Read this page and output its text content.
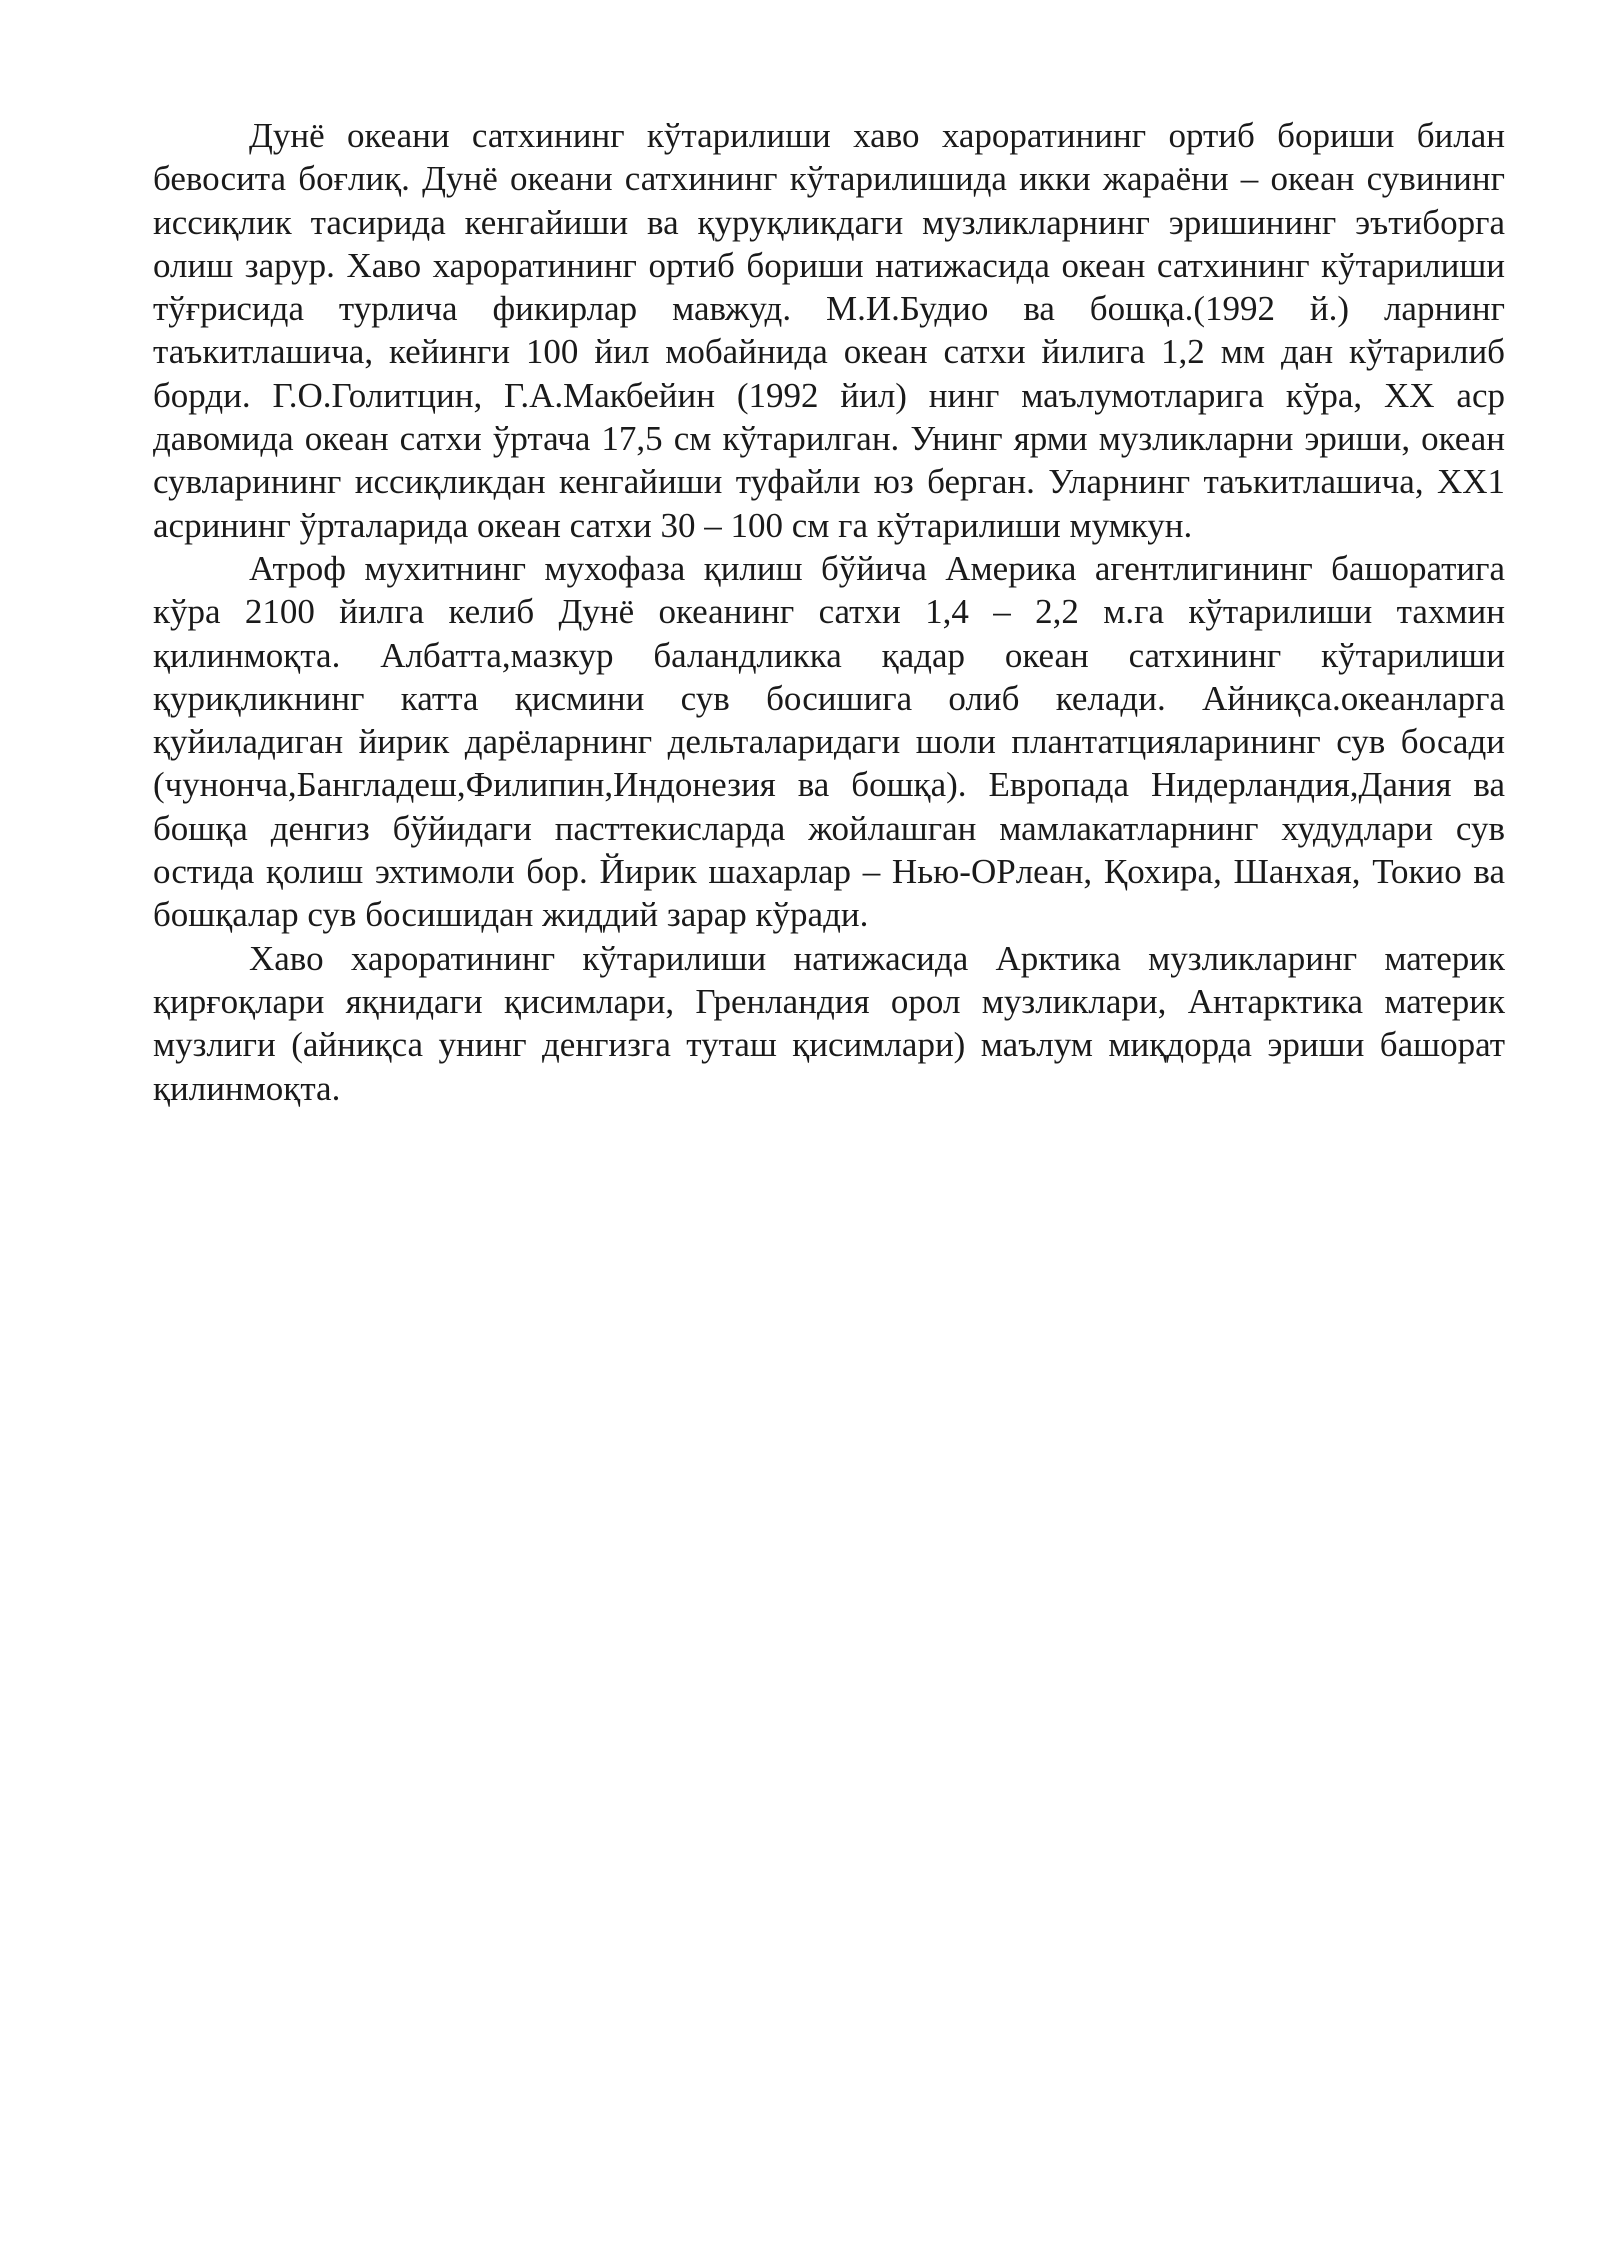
Дунё океани сатхининг кўтарилиши хаво хароратининг ортиб бориши билан бевосита боғлиқ. Дунё океани сатхининг кўтарилишида икки жараёни – океан сувининг иссиқлик тасирида кенгайиши ва қуруқликдаги музликларнинг эришининг эътиборга олиш зарур. Хаво хароратининг ортиб бориши натижасида океан сатхининг кўтарилиши тўғрисида турлича фикирлар мавжуд. М.И.Будио ва бошқа.(1992 й.) ларнинг таъкитлашича, кейинги 100 йил мобайнида океан сатхи йилига 1,2 мм дан кўтарилиб борди. Г.О.Голитцин, Г.А.Макбейин (1992 йил) нинг маълумотларига кўра, XX аср давомида океан сатхи ўртача 17,5 см кўтарилган. Унинг ярми музликларни эриши, океан сувларининг иссиқликдан кенгайиши туфайли юз берган. Уларнинг таъкитлашича, XX1 асрининг ўрталарида океан сатхи 30 – 100 см га кўтарилиши мумкун.

Атроф мухитнинг мухофаза қилиш бўйича Америка агентлигининг башоратига кўра 2100 йилга келиб Дунё океанинг сатхи 1,4 – 2,2 м.га кўтарилиши тахмин қилинмоқта. Албатта,мазкур баландликка қадар океан сатхининг кўтарилиши қуриқликнинг катта қисмини сув босишига олиб келади. Айниқса.океанларга қуйиладиган йирик дарёларнинг дельталаридаги шоли плантатцияларининг сув босади (чунонча,Бангладеш,Филипин,Индонезия ва бошқа). Европада Нидерландия,Дания ва бошқа денгиз бўйидаги пасттекисларда жойлашган мамлакатларнинг худудлари сув остида қолиш эхтимоли бор. Йирик шахарлар – Нью-ОРлеан, Қохира, Шанхая, Токио ва бошқалар сув босишидан жиддий зарар кўради.

Хаво хароратининг кўтарилиши натижасида Арктика музликларинг материк қирғоқлари яқнидаги қисимлари, Гренландия орол музликлари, Антарктика материк музлиги (айниқса унинг денгизга туташ қисимлари) маълум миқдорда эриши башорат қилинмоқта.
